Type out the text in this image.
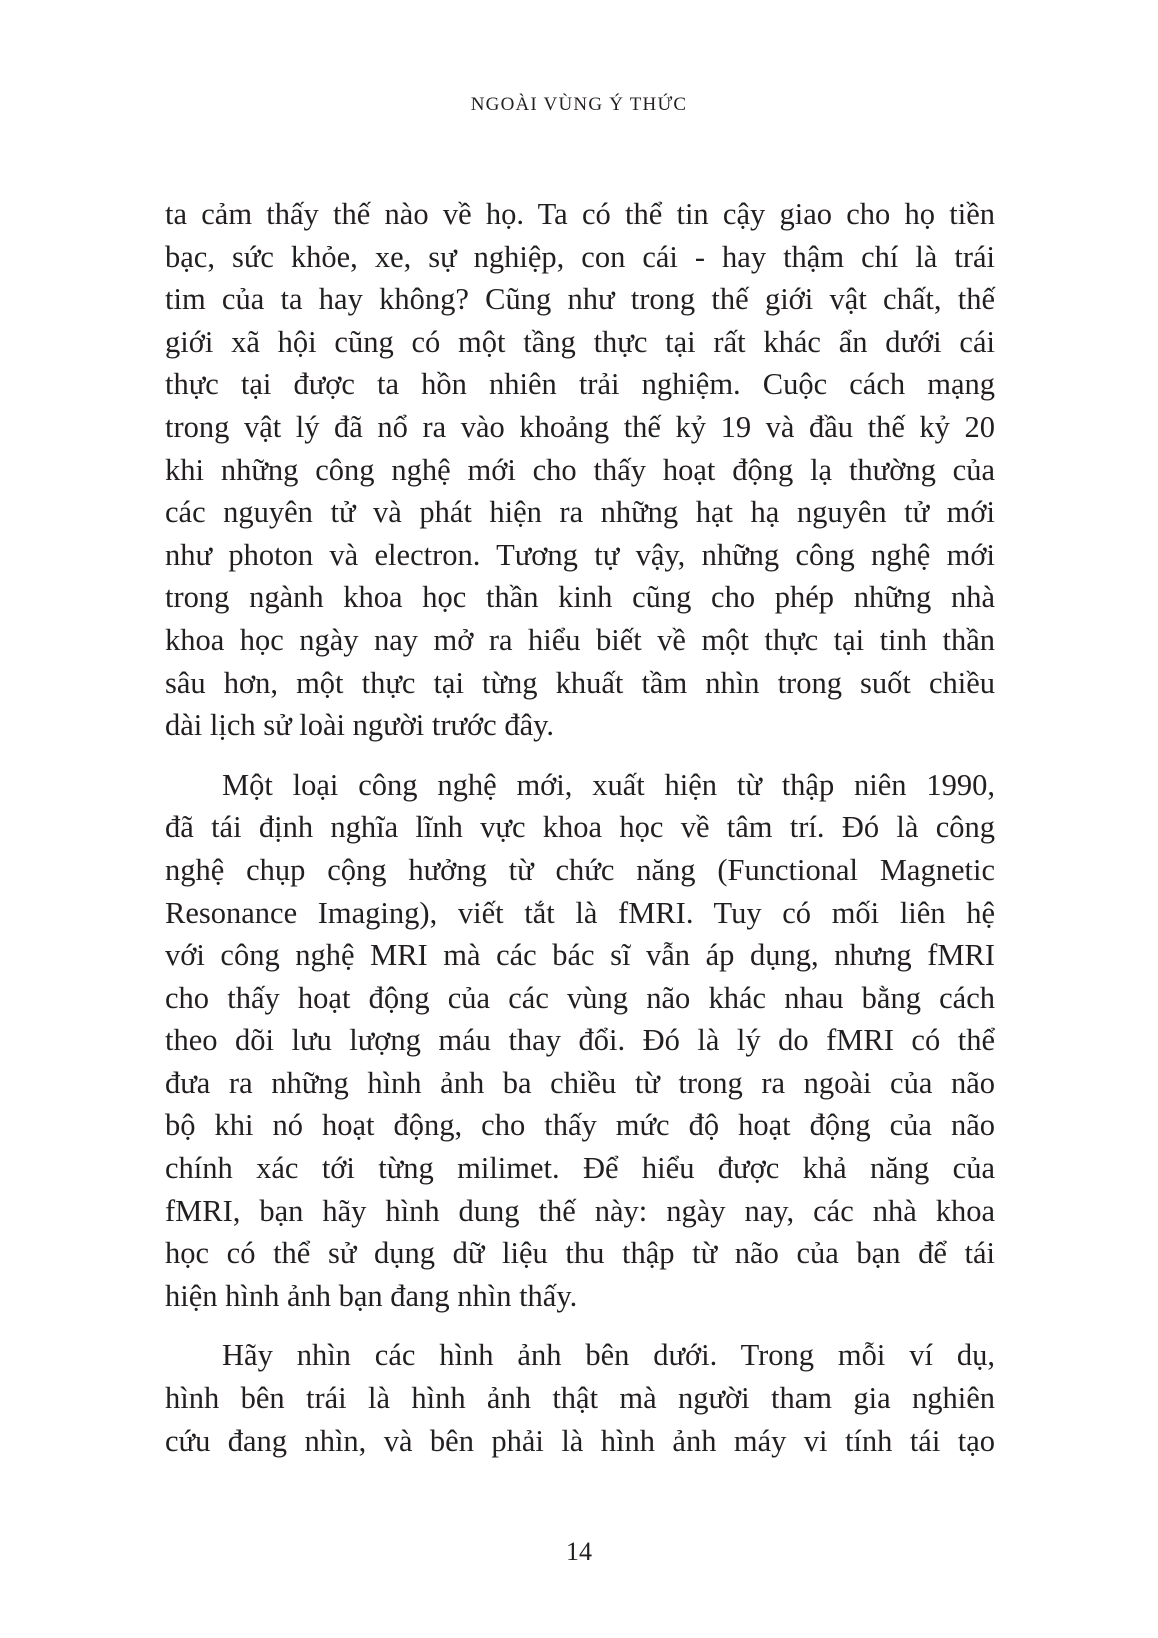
NGOÀI VÙNG Ý THỨC

ta cảm thấy thế nào về họ. Ta có thể tin cậy giao cho họ tiền

bạc, sức khỏe, xe, sự nghiệp, con cái - hay thậm chí là trái

tim của ta hay không? Cũng như trong thế giới vật chất, thế

giới xã hội cũng có một tầng thực tại rất khác ẩn dưới cái

thực tại được ta hồn nhiên trải nghiệm. Cuộc cách mạng

trong vật lý đã nổ ra vào khoảng thế kỷ 19 và đầu thế kỷ 20

khi những công nghệ mới cho thấy hoạt động lạ thường của

các nguyên tử và phát hiện ra những hạt hạ nguyên tử mới

như photon và electron. Tương tự vậy, những công nghệ mới

trong ngành khoa học thần kinh cũng cho phép những nhà

khoa học ngày nay mở ra hiểu biết về một thực tại tinh thần

sâu hơn, một thực tại từng khuất tầm nhìn trong suốt chiều

dài lịch sử loài người trước đây.

Một loại công nghệ mới, xuất hiện từ thập niên 1990,

đã tái định nghĩa lĩnh vực khoa học về tâm trí. Đó là công

nghệ chụp cộng hưởng từ chức năng (Functional Magnetic

Resonance Imaging), viết tắt là fMRI. Tuy có mối liên hệ

với công nghệ MRI mà các bác sĩ vẫn áp dụng, nhưng fMRI

cho thấy hoạt động của các vùng não khác nhau bằng cách

theo dõi lưu lượng máu thay đổi. Đó là lý do fMRI có thể

đưa ra những hình ảnh ba chiều từ trong ra ngoài của não

bộ khi nó hoạt động, cho thấy mức độ hoạt động của não

chính xác tới từng milimet. Để hiểu được khả năng của

fMRI, bạn hãy hình dung thế này: ngày nay, các nhà khoa

học có thể sử dụng dữ liệu thu thập từ não của bạn để tái

hiện hình ảnh bạn đang nhìn thấy.

Hãy nhìn các hình ảnh bên dưới. Trong mỗi ví dụ,

hình bên trái là hình ảnh thật mà người tham gia nghiên

cứu đang nhìn, và bên phải là hình ảnh máy vi tính tái tạo

14
